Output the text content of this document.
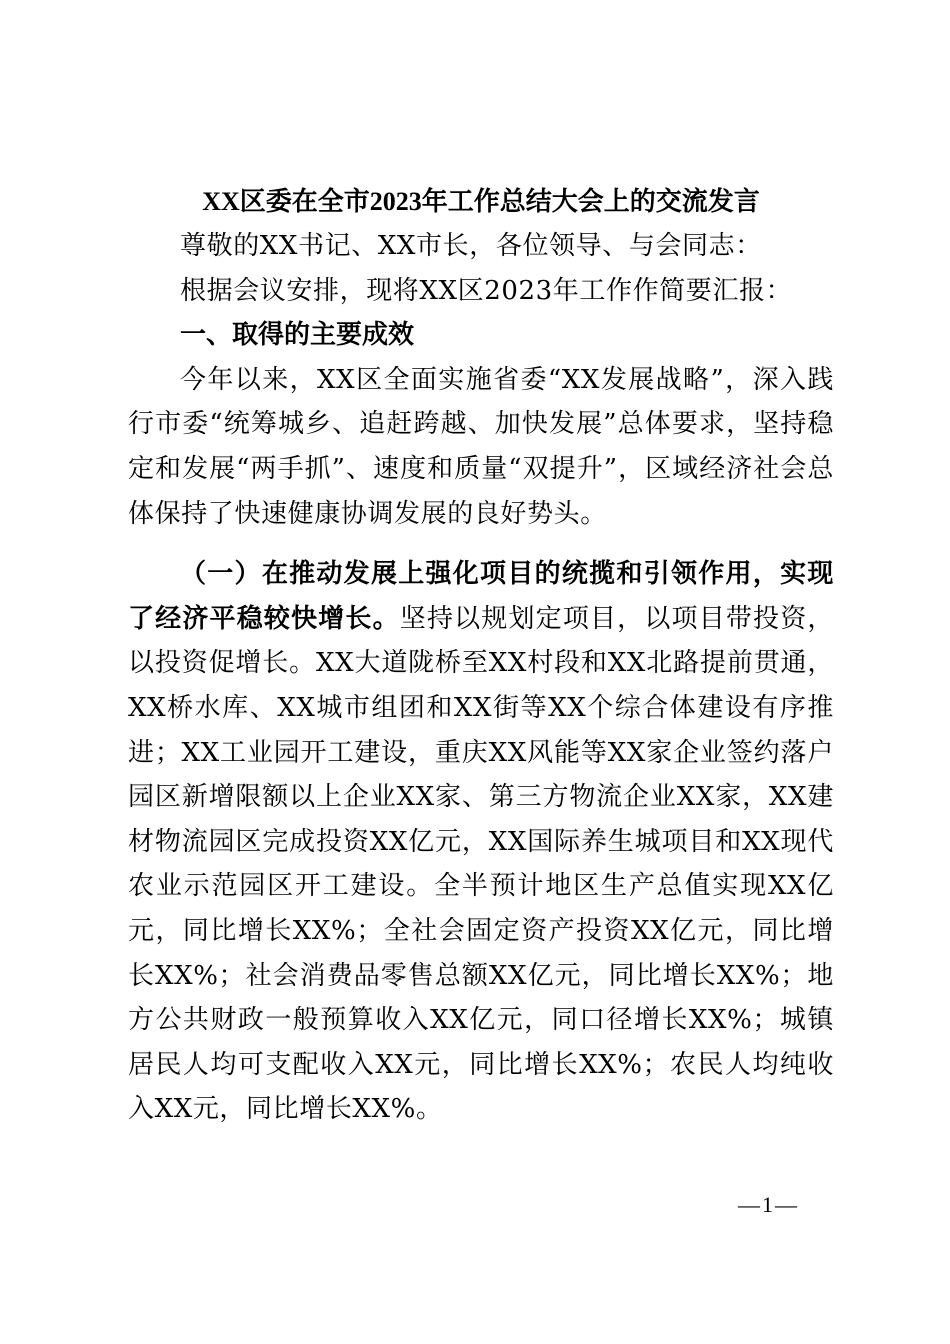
XX区委在全市2023年工作总结大会上的交流发言

尊敬的XX书记、XX市长，各位领导、与会同志：

根据会议安排，现将XX区2023年工作作简要汇报：

一、取得的主要成效

今年以来，XX区全面实施省委“XX发展战略”，深入践行市委“统筹城乡、追赶跨越、加快发展”总体要求，坚持稳定和发展“两手抓”、速度和质量“双提升”，区域经济社会总体保持了快速健康协调发展的良好势头。

（一）在推动发展上强化项目的统揽和引领作用，实现了经济平稳较快增长。坚持以规划定项目，以项目带投资，以投资促增长。XX大道陇桥至XX村段和XX北路提前贯通，XX桥水库、XX城市组团和XX街等XX个综合体建设有序推进；XX工业园开工建设，重庆XX风能等XX家企业签约落户园区新增限额以上企业XX家、第三方物流企业XX家，XX建材物流园区完成投资XX亿元，XX国际养生城项目和XX现代农业示范园区开工建设。全半预计地区生产总值实现XX亿元，同比增长XX%；全社会固定资产投资XX亿元，同比增长XX%；社会消费品零售总额XX亿元，同比增长XX%；地方公共财政一般预算收入XX亿元，同口径增长XX%；城镇居民人均可支配收入XX元，同比增长XX%；农民人均纯收入XX元，同比增长XX%。

—1—
